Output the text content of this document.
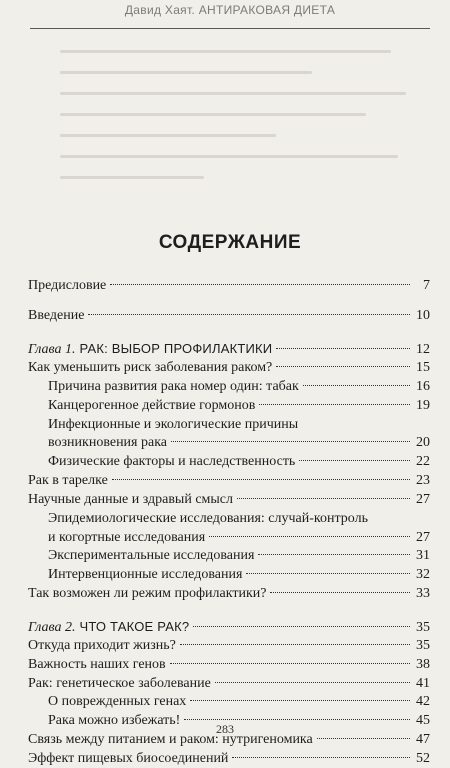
Давид Хаят. АНТИРАКОВАЯ ДИЕТА
СОДЕРЖАНИЕ
Предисловие	7
Введение	10
Глава 1. РАК: ВЫБОР ПРОФИЛАКТИКИ	12
Как уменьшить риск заболевания раком?	15
Причина развития рака номер один: табак	16
Канцерогенное действие гормонов	19
Инфекционные и экологические причины
возникновения рака	20
Физические факторы и наследственность	22
Рак в тарелке	23
Научные данные и здравый смысл	27
Эпидемиологические исследования: случай-контроль
и когортные исследования	27
Экспериментальные исследования	31
Интервенционные исследования	32
Так возможен ли режим профилактики?	33
Глава 2. ЧТО ТАКОЕ РАК?	35
Откуда приходит жизнь?	35
Важность наших генов	38
Рак: генетическое заболевание	41
О поврежденных генах	42
Рака можно избежать!	45
Связь между питанием и раком: нутригеномика	47
Эффект пищевых биосоединений	52
283
